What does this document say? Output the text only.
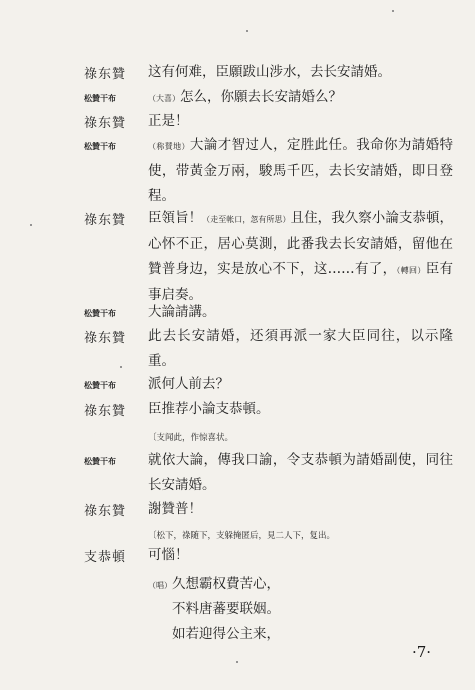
祿东贊	这有何难，臣願跋山涉水，去长安請婚。
松贊干布	（大喜）怎么，你願去长安請婚么？
祿东贊	正是！
松贊干布	（称賛地）大論才智过人，定胜此任。我命你为請婚特使，带黃金万兩，駿馬千匹，去长安請婚，即日登程。
祿东贊	臣領旨！（走至帐口，忽有所思）且住，我久察小論支恭頓，心怀不正，居心莫測，此番我去长安請婚，留他在贊普身边，实是放心不下，这……有了，（轉回）臣有事启奏。
松贊干布	大論請講。
祿东贊	此去长安請婚，还須再派一家大臣同往，以示隆重。
松贊干布	派何人前去？
祿东贊	臣推荐小論支恭頓。
〔支闻此，作惊喜状。
松贊干布	就依大論，傳我口諭，令支恭頓为請婚副使，同往长安請婚。
祿东贊	謝贊普！
〔松下，祿随下，支躲掩匿后，見二人下，复出。
支恭頓	可惱！
（唱）久想霸权費苦心，
不料唐蕃要联姻。
如若迎得公主来，
·7·
